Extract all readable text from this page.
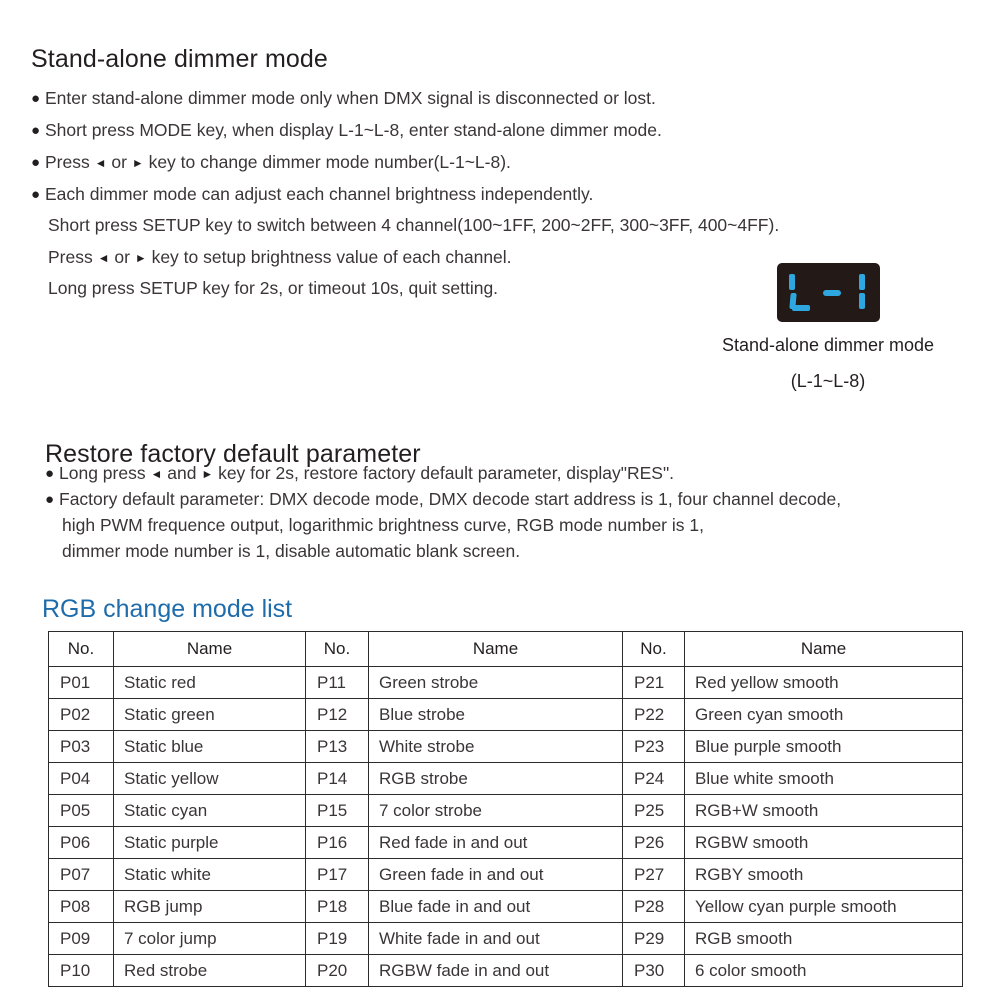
Stand-alone dimmer mode
● Enter stand-alone dimmer mode only when DMX signal is disconnected or lost.
● Short press MODE key, when display L-1~L-8, enter stand-alone dimmer mode.
● Press ◄ or ► key to change dimmer mode number(L-1~L-8).
● Each dimmer mode can adjust each channel brightness independently.
Short press SETUP key to switch between 4 channel(100~1FF, 200~2FF, 300~3FF, 400~4FF).
Press ◄ or ► key to setup brightness value of each channel.
Long press SETUP key for 2s, or timeout 10s, quit setting.
Stand-alone dimmer mode
(L-1~L-8)
Restore factory default parameter
● Long press ◄ and ► key for 2s, restore factory default parameter, display"RES".
● Factory default parameter: DMX decode mode, DMX decode start address is 1, four channel decode,
high PWM frequence output, logarithmic brightness curve, RGB mode number is 1,
dimmer mode number is 1, disable automatic blank screen.
RGB change mode list
No.	Name	No.	Name	No.	Name
P01	Static red	P11	Green strobe	P21	Red yellow smooth
P02	Static green	P12	Blue strobe	P22	Green cyan smooth
P03	Static blue	P13	White strobe	P23	Blue purple smooth
P04	Static yellow	P14	RGB strobe	P24	Blue white smooth
P05	Static cyan	P15	7 color strobe	P25	RGB+W smooth
P06	Static purple	P16	Red fade in and out	P26	RGBW smooth
P07	Static white	P17	Green fade in and out	P27	RGBY smooth
P08	RGB jump	P18	Blue fade in and out	P28	Yellow cyan purple smooth
P09	7 color jump	P19	White fade in and out	P29	RGB smooth
P10	Red strobe	P20	RGBW fade in and out	P30	6 color smooth
